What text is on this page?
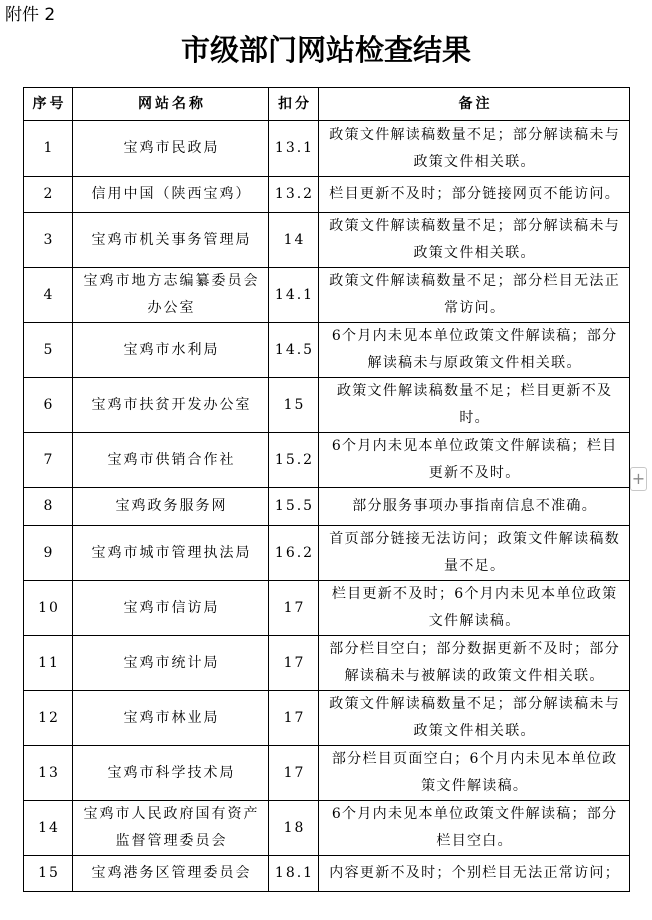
附件 2
市级部门网站检查结果
序号	网站名称	扣分	备注
1	宝鸡市民政局	13.1	政策文件解读稿数量不足；部分解读稿未与
政策文件相关联。

2	信用中国（陕西宝鸡）	13.2	栏目更新不及时；部分链接网页不能访问。

3	宝鸡市机关事务管理局	14	政策文件解读稿数量不足；部分解读稿未与
政策文件相关联。

4	宝鸡市地方志编纂委员会
办公室	14.1	政策文件解读稿数量不足；部分栏目无法正
常访问。

5	宝鸡市水利局	14.5	6个月内未见本单位政策文件解读稿；部分
解读稿未与原政策文件相关联。

6	宝鸡市扶贫开发办公室	15	政策文件解读稿数量不足；栏目更新不及
时。

7	宝鸡市供销合作社	15.2	6个月内未见本单位政策文件解读稿；栏目
更新不及时。

8	宝鸡政务服务网	15.5	部分服务事项办事指南信息不准确。

9	宝鸡市城市管理执法局	16.2	首页部分链接无法访问；政策文件解读稿数
量不足。

10	宝鸡市信访局	17	栏目更新不及时；6个月内未见本单位政策
文件解读稿。

11	宝鸡市统计局	17	部分栏目空白；部分数据更新不及时；部分
解读稿未与被解读的政策文件相关联。

12	宝鸡市林业局	17	政策文件解读稿数量不足；部分解读稿未与
政策文件相关联。

13	宝鸡市科学技术局	17	部分栏目页面空白；6个月内未见本单位政
策文件解读稿。

14	宝鸡市人民政府国有资产
监督管理委员会	18	6个月内未见本单位政策文件解读稿；部分
栏目空白。

15	宝鸡港务区管理委员会	18.1	内容更新不及时；个别栏目无法正常访问；
+
